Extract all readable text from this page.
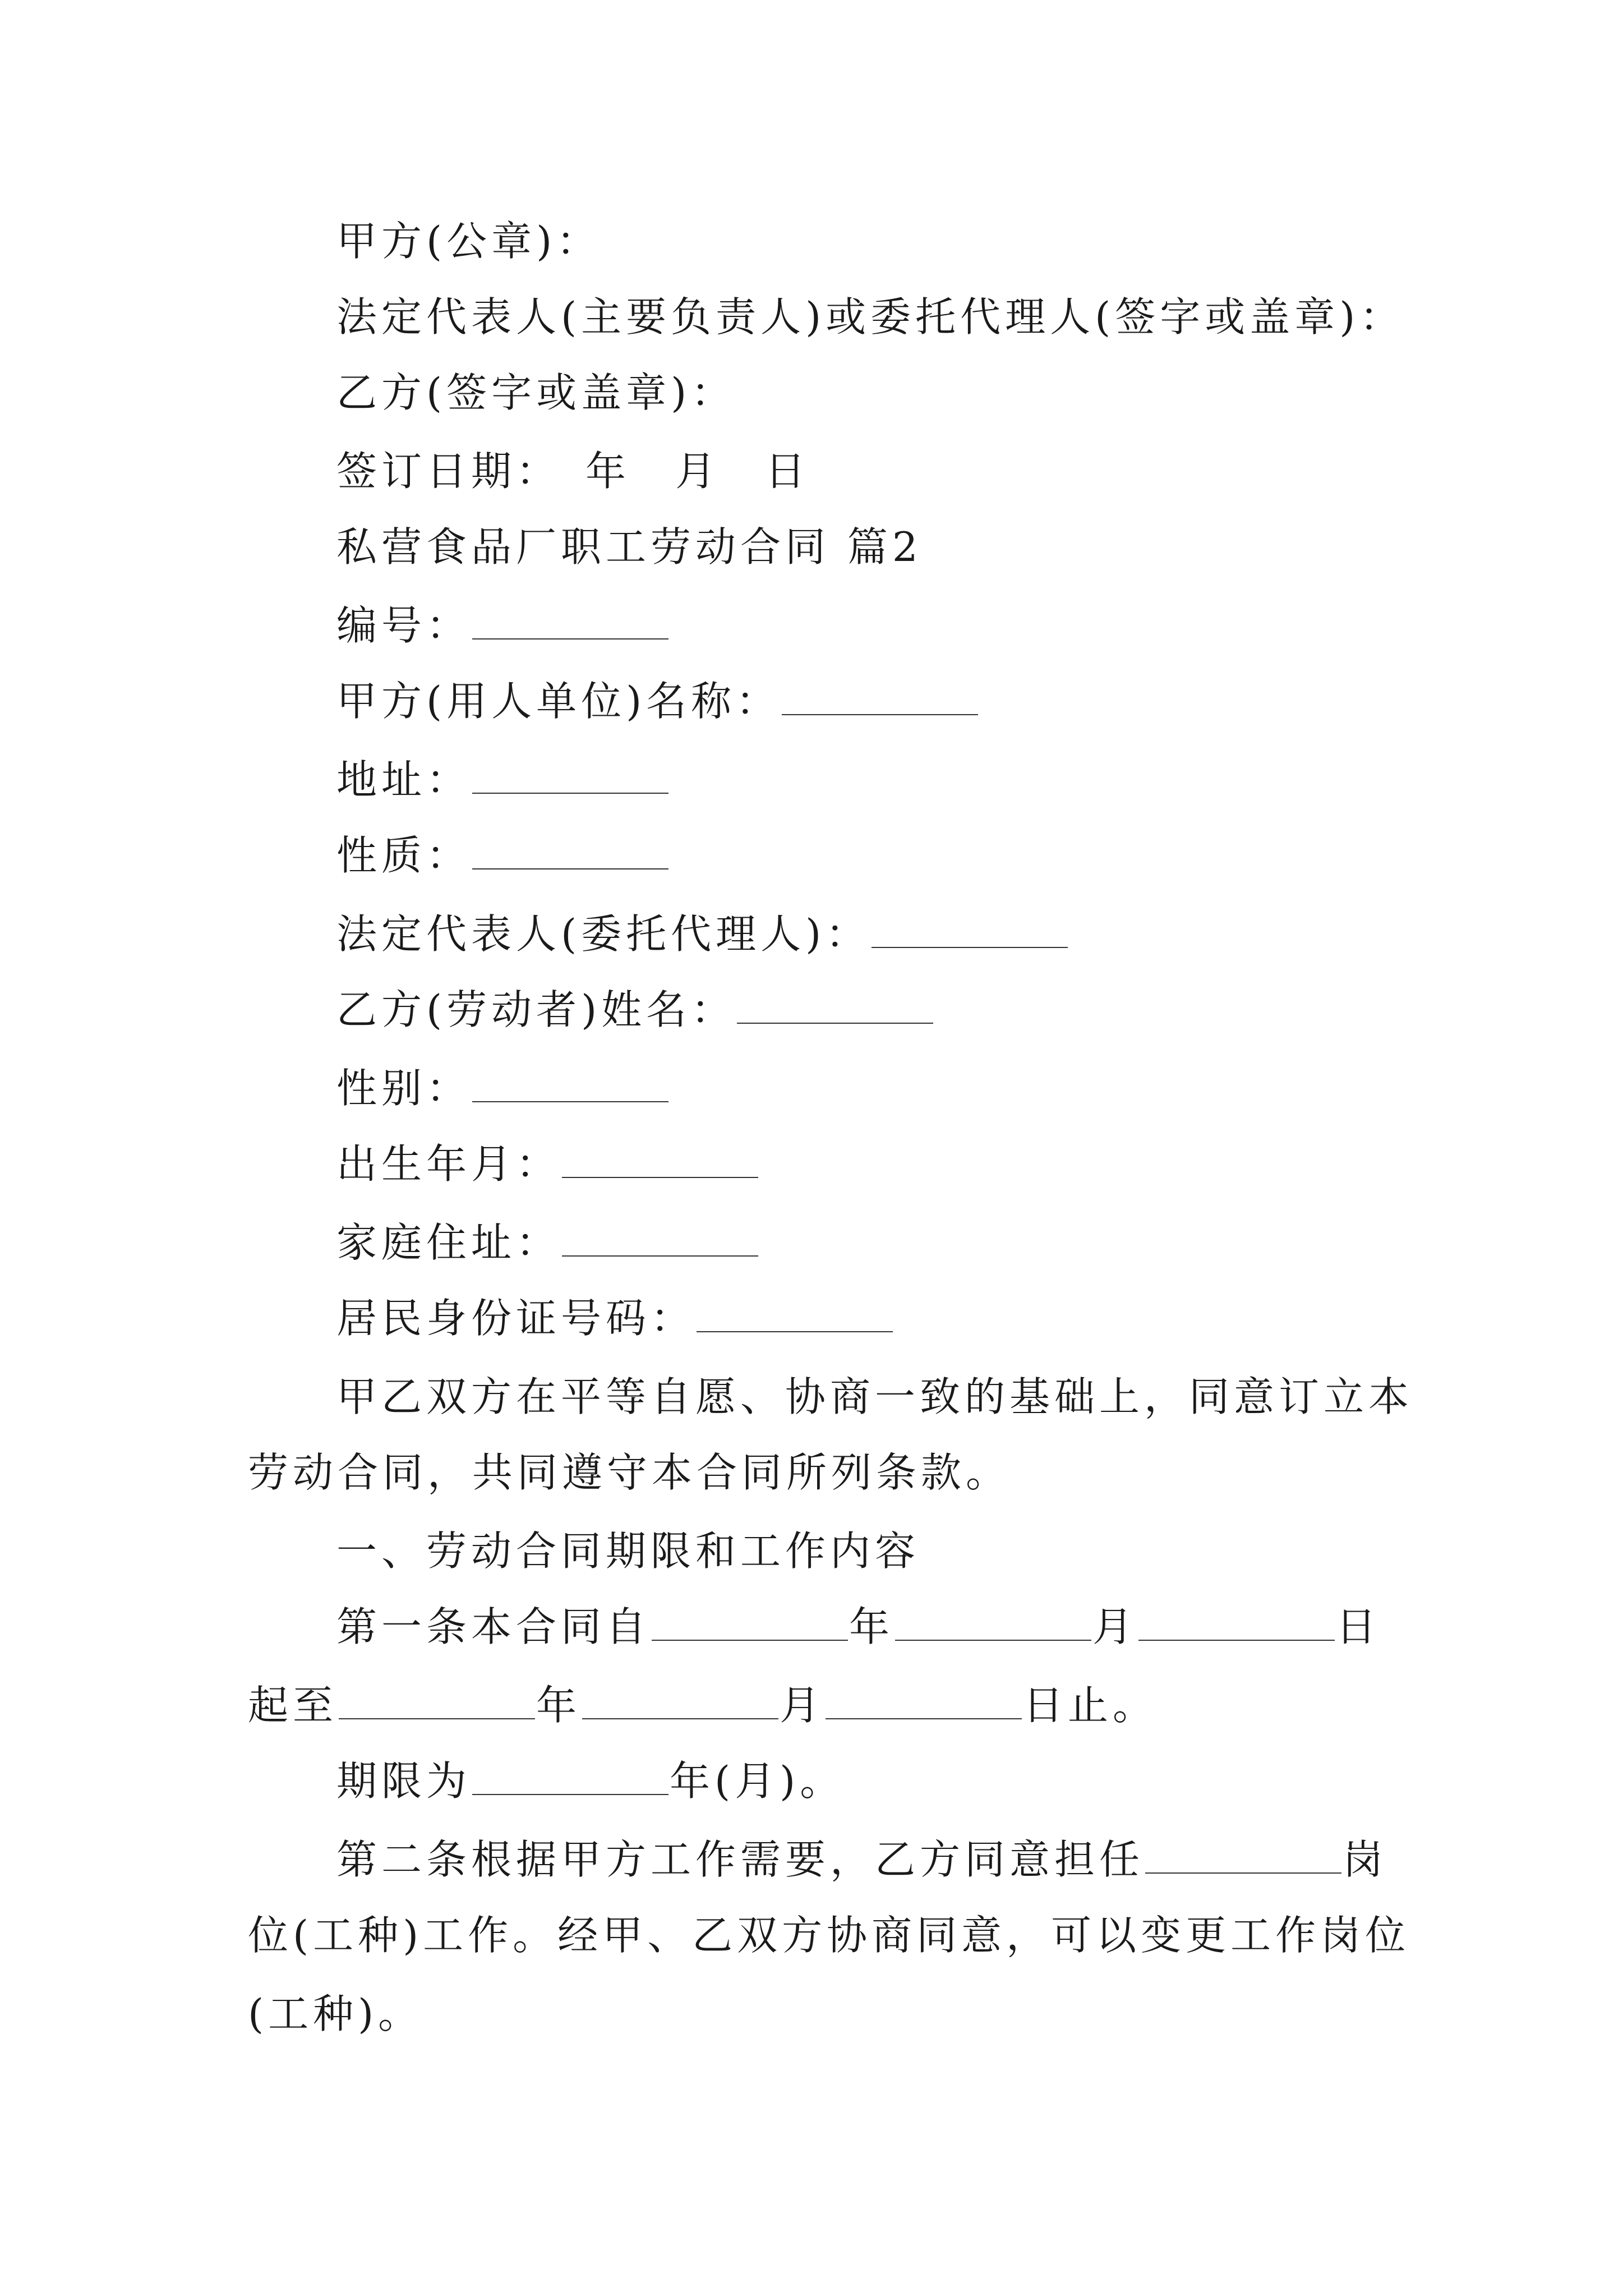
甲方(公章)：
法定代表人(主要负责人)或委托代理人(签字或盖章)：
乙方(签字或盖章)：
签订日期：　年　月　日
私营食品厂职工劳动合同 篇2
编号：
甲方(用人单位)名称：
地址：
性质：
法定代表人(委托代理人)：
乙方(劳动者)姓名：
性别：
出生年月：
家庭住址：
居民身份证号码：
甲乙双方在平等自愿、协商一致的基础上，同意订立本
劳动合同，共同遵守本合同所列条款。
一、劳动合同期限和工作内容
第一条本合同自	年	月	日
起至	年	月	日止。
期限为	年(月)。
第二条根据甲方工作需要，乙方同意担任	岗
位(工种)工作。经甲、乙双方协商同意，可以变更工作岗位
(工种)。
